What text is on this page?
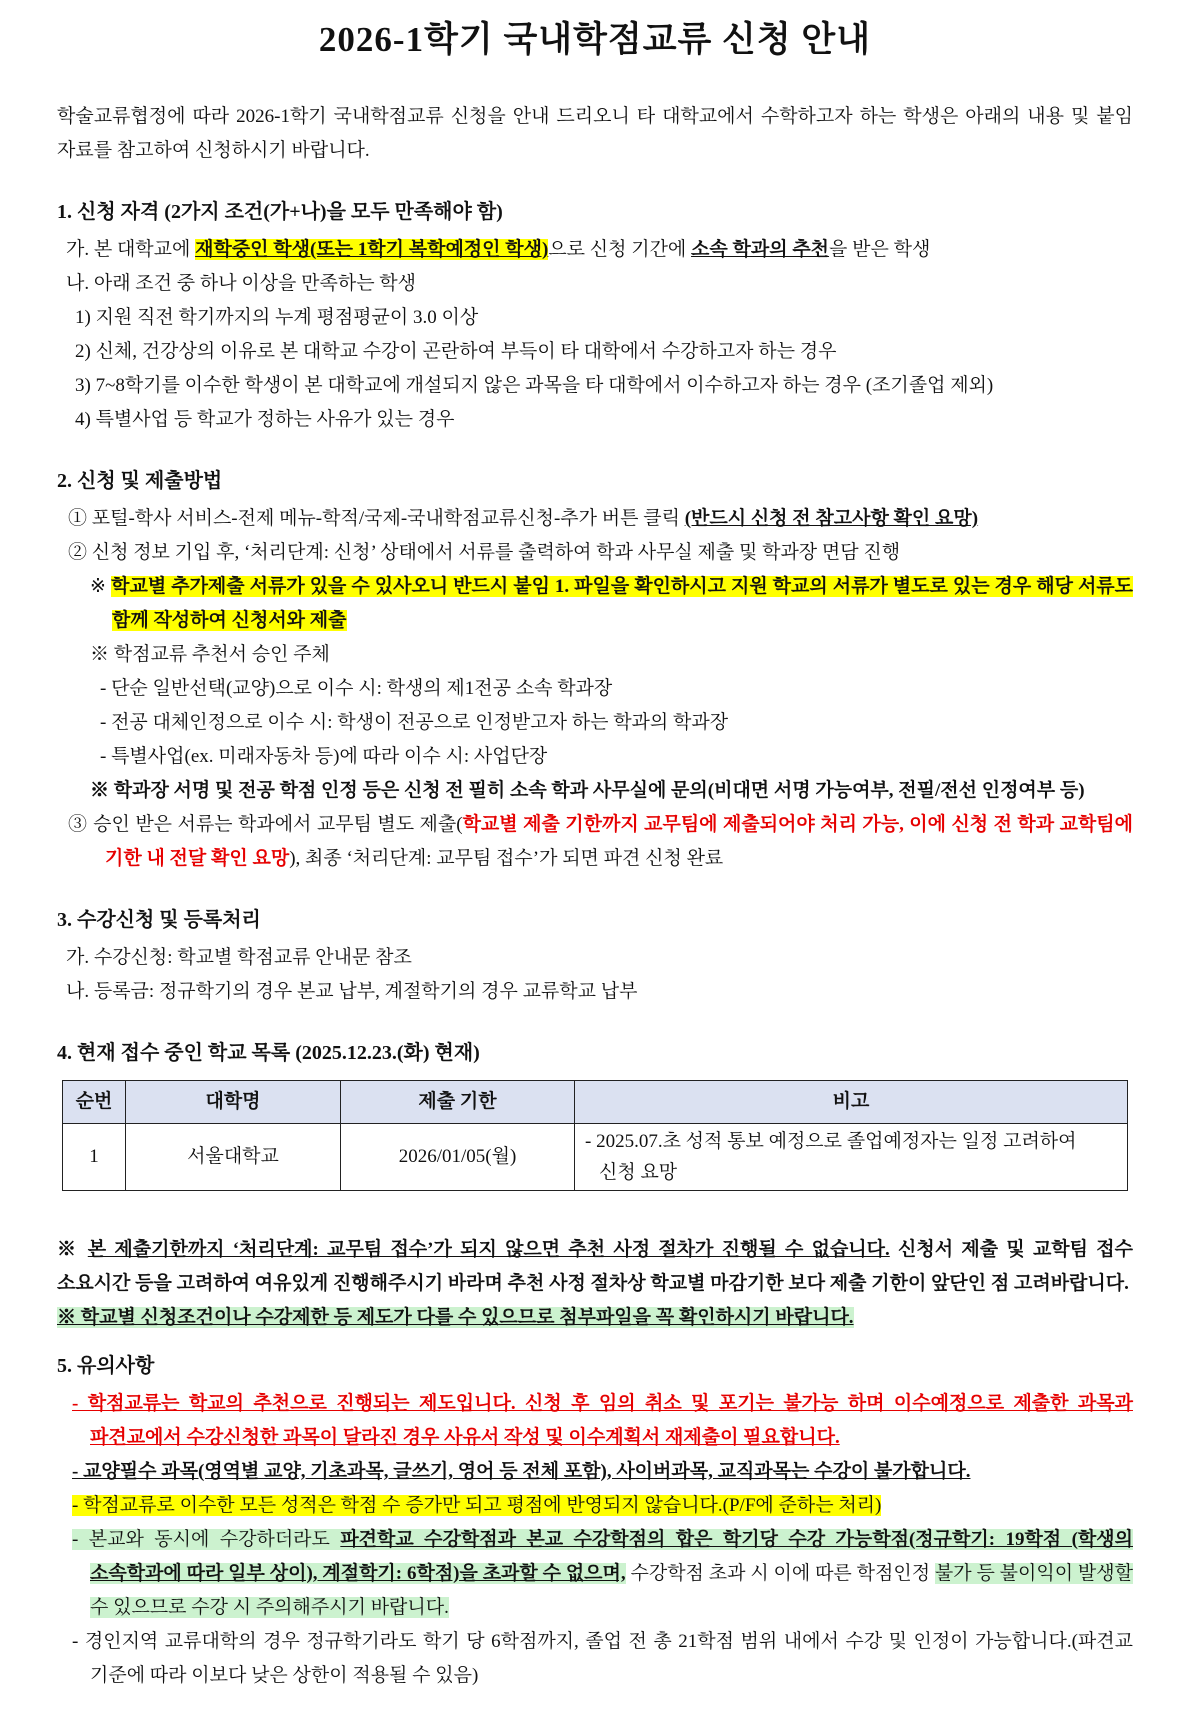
2026-1학기 국내학점교류 신청 안내

학술교류협정에 따라 2026-1학기 국내학점교류 신청을 안내 드리오니 타 대학교에서 수학하고자 하는 학생은 아래의 내용 및 붙임 자료를 참고하여 신청하시기 바랍니다.

1. 신청 자격 (2가지 조건(가+나)을 모두 만족해야 함)

가. 본 대학교에 재학중인 학생(또는 1학기 복학예정인 학생)으로 신청 기간에 소속 학과의 추천을 받은 학생

나. 아래 조건 중 하나 이상을 만족하는 학생

1) 지원 직전 학기까지의 누계 평점평균이 3.0 이상

2) 신체, 건강상의 이유로 본 대학교 수강이 곤란하여 부득이 타 대학에서 수강하고자 하는 경우

3) 7~8학기를 이수한 학생이 본 대학교에 개설되지 않은 과목을 타 대학에서 이수하고자 하는 경우 (조기졸업 제외)

4) 특별사업 등 학교가 정하는 사유가 있는 경우

2. 신청 및 제출방법

① 포털-학사 서비스-전제 메뉴-학적/국제-국내학점교류신청-추가 버튼 클릭 (반드시 신청 전 참고사항 확인 요망)

② 신청 정보 기입 후, ‘처리단계: 신청’ 상태에서 서류를 출력하여 학과 사무실 제출 및 학과장 면담 진행

※ 학교별 추가제출 서류가 있을 수 있사오니 반드시 붙임 1. 파일을 확인하시고 지원 학교의 서류가 별도로 있는 경우 해당 서류도 함께 작성하여 신청서와 제출

※ 학점교류 추천서 승인 주체

- 단순 일반선택(교양)으로 이수 시: 학생의 제1전공 소속 학과장

- 전공 대체인정으로 이수 시: 학생이 전공으로 인정받고자 하는 학과의 학과장

- 특별사업(ex. 미래자동차 등)에 따라 이수 시: 사업단장

※ 학과장 서명 및 전공 학점 인정 등은 신청 전 필히 소속 학과 사무실에 문의(비대면 서명 가능여부, 전필/전선 인정여부 등)

③ 승인 받은 서류는 학과에서 교무팀 별도 제출(학교별 제출 기한까지 교무팀에 제출되어야 처리 가능, 이에 신청 전 학과 교학팀에 기한 내 전달 확인 요망), 최종 ‘처리단계: 교무팀 접수’가 되면 파견 신청 완료

3. 수강신청 및 등록처리

가. 수강신청: 학교별 학점교류 안내문 참조

나. 등록금: 정규학기의 경우 본교 납부, 계절학기의 경우 교류학교 납부

4. 현재 접수 중인 학교 목록 (2025.12.23.(화) 현재)

순번	대학명	제출 기한	비고
1	서울대학교	2026/01/05(월)	- 2025.07.초 성적 통보 예정으로 졸업예정자는 일정 고려하여 신청 요망

※ 본 제출기한까지 ‘처리단계: 교무팀 접수’가 되지 않으면 추천 사정 절차가 진행될 수 없습니다. 신청서 제출 및 교학팀 접수 소요시간 등을 고려하여 여유있게 진행해주시기 바라며 추천 사정 절차상 학교별 마감기한 보다 제출 기한이 앞단인 점 고려바랍니다.

※ 학교별 신청조건이나 수강제한 등 제도가 다를 수 있으므로 첨부파일을 꼭 확인하시기 바랍니다.

5. 유의사항

- 학점교류는 학교의 추천으로 진행되는 제도입니다. 신청 후 임의 취소 및 포기는 불가능 하며 이수예정으로 제출한 과목과 파견교에서 수강신청한 과목이 달라진 경우 사유서 작성 및 이수계획서 재제출이 필요합니다.

- 교양필수 과목(영역별 교양, 기초과목, 글쓰기, 영어 등 전체 포함), 사이버과목, 교직과목는 수강이 불가합니다.

- 학점교류로 이수한 모든 성적은 학점 수 증가만 되고 평점에 반영되지 않습니다.(P/F에 준하는 처리)

- 본교와 동시에 수강하더라도 파견학교 수강학점과 본교 수강학점의 합은 학기당 수강 가능학점(정규학기: 19학점 (학생의 소속학과에 따라 일부 상이), 계절학기: 6학점)을 초과할 수 없으며, 수강학점 초과 시 이에 따른 학점인정 불가 등 불이익이 발생할 수 있으므로 수강 시 주의해주시기 바랍니다.

- 경인지역 교류대학의 경우 정규학기라도 학기 당 6학점까지, 졸업 전 총 21학점 범위 내에서 수강 및 인정이 가능합니다.(파견교 기준에 따라 이보다 낮은 상한이 적용될 수 있음)
